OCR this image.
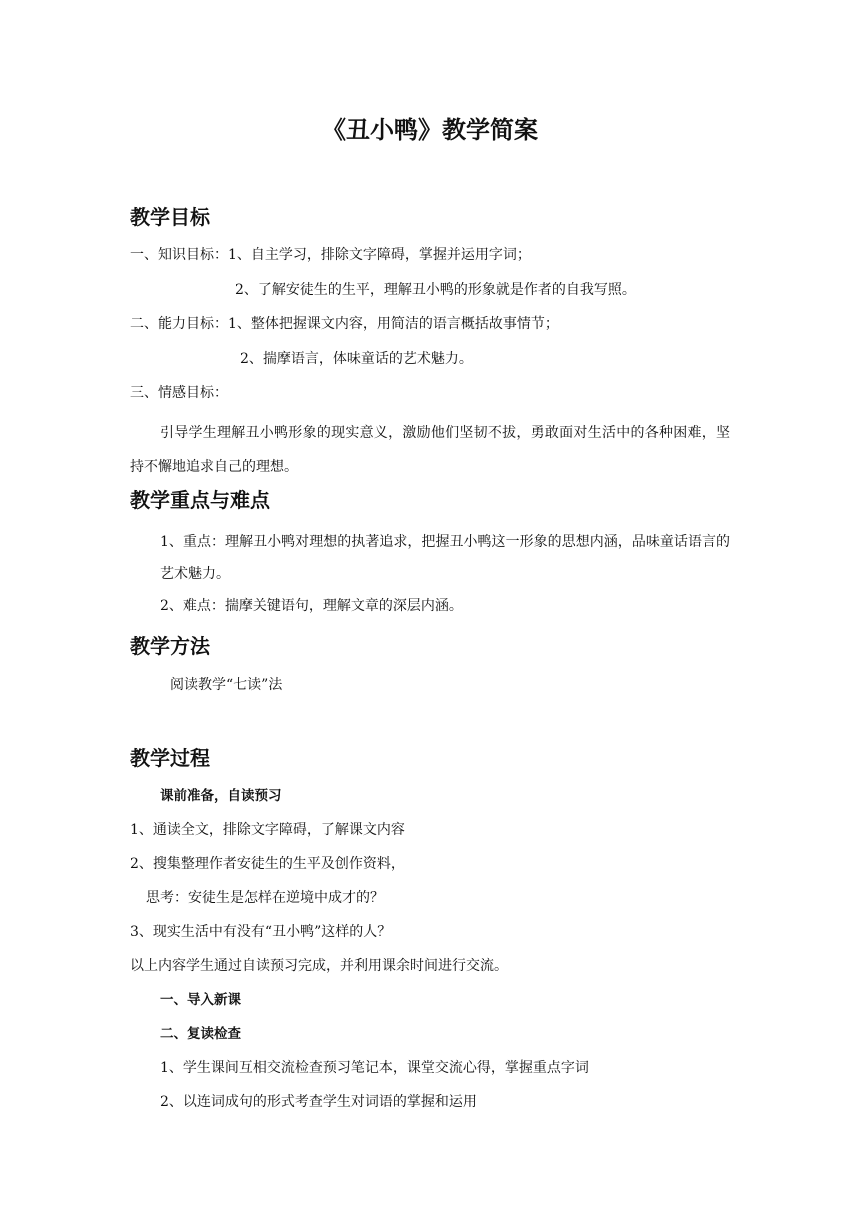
《丑小鸭》教学简案
教学目标
一、知识目标：1、自主学习，排除文字障碍，掌握并运用字词；
2、了解安徒生的生平，理解丑小鸭的形象就是作者的自我写照。
二、能力目标：1、整体把握课文内容，用简洁的语言概括故事情节；
2、揣摩语言，体味童话的艺术魅力。
三、情感目标：
引导学生理解丑小鸭形象的现实意义，激励他们坚韧不拔，勇敢面对生活中的各种困难，坚持不懈地追求自己的理想。
教学重点与难点
1、重点：理解丑小鸭对理想的执著追求，把握丑小鸭这一形象的思想内涵，品味童话语言的艺术魅力。
2、难点：揣摩关键语句，理解文章的深层内涵。
教学方法
阅读教学“七读”法
教学过程
课前准备，自读预习
1、通读全文，排除文字障碍，了解课文内容
2、搜集整理作者安徒生的生平及创作资料，
思考：安徒生是怎样在逆境中成才的？
3、现实生活中有没有“丑小鸭”这样的人？
以上内容学生通过自读预习完成，并利用课余时间进行交流。
一、导入新课
二、复读检查
1、学生课间互相交流检查预习笔记本，课堂交流心得，掌握重点字词
2、以连词成句的形式考查学生对词语的掌握和运用
